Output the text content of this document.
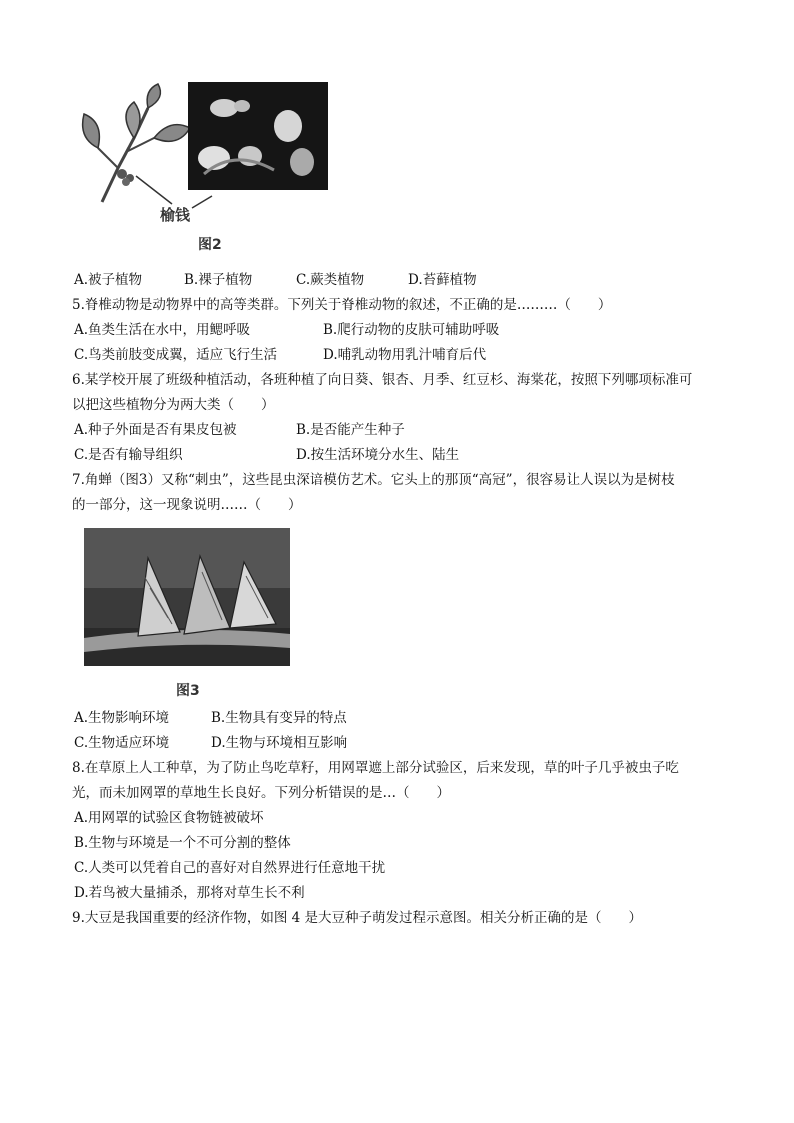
榆钱
图2
A.被子植物	B.裸子植物	C.蕨类植物	D.苔藓植物
5.脊椎动物是动物界中的高等类群。下列关于脊椎动物的叙述，不正确的是………（　　）
A.鱼类生活在水中，用鳃呼吸	B.爬行动物的皮肤可辅助呼吸
C.鸟类前肢变成翼，适应飞行生活	D.哺乳动物用乳汁哺育后代
6.某学校开展了班级种植活动，各班种植了向日葵、银杏、月季、红豆杉、海棠花，按照下列哪项标准可
以把这些植物分为两大类（　　）
A.种子外面是否有果皮包被	B.是否能产生种子
C.是否有输导组织	D.按生活环境分水生、陆生
7.角蝉（图3）又称“刺虫”，这些昆虫深谙模仿艺术。它头上的那顶“高冠”，很容易让人误以为是树枝
的一部分，这一现象说明……（　　）
图3
A.生物影响环境	B.生物具有变异的特点
C.生物适应环境	D.生物与环境相互影响
8.在草原上人工种草，为了防止鸟吃草籽，用网罩遮上部分试验区，后来发现，草的叶子几乎被虫子吃
光，而未加网罩的草地生长良好。下列分析错误的是…（　　）
A.用网罩的试验区食物链被破坏
B.生物与环境是一个不可分割的整体
C.人类可以凭着自己的喜好对自然界进行任意地干扰
D.若鸟被大量捕杀，那将对草生长不利
9.大豆是我国重要的经济作物，如图 4 是大豆种子萌发过程示意图。相关分析正确的是（　　）
